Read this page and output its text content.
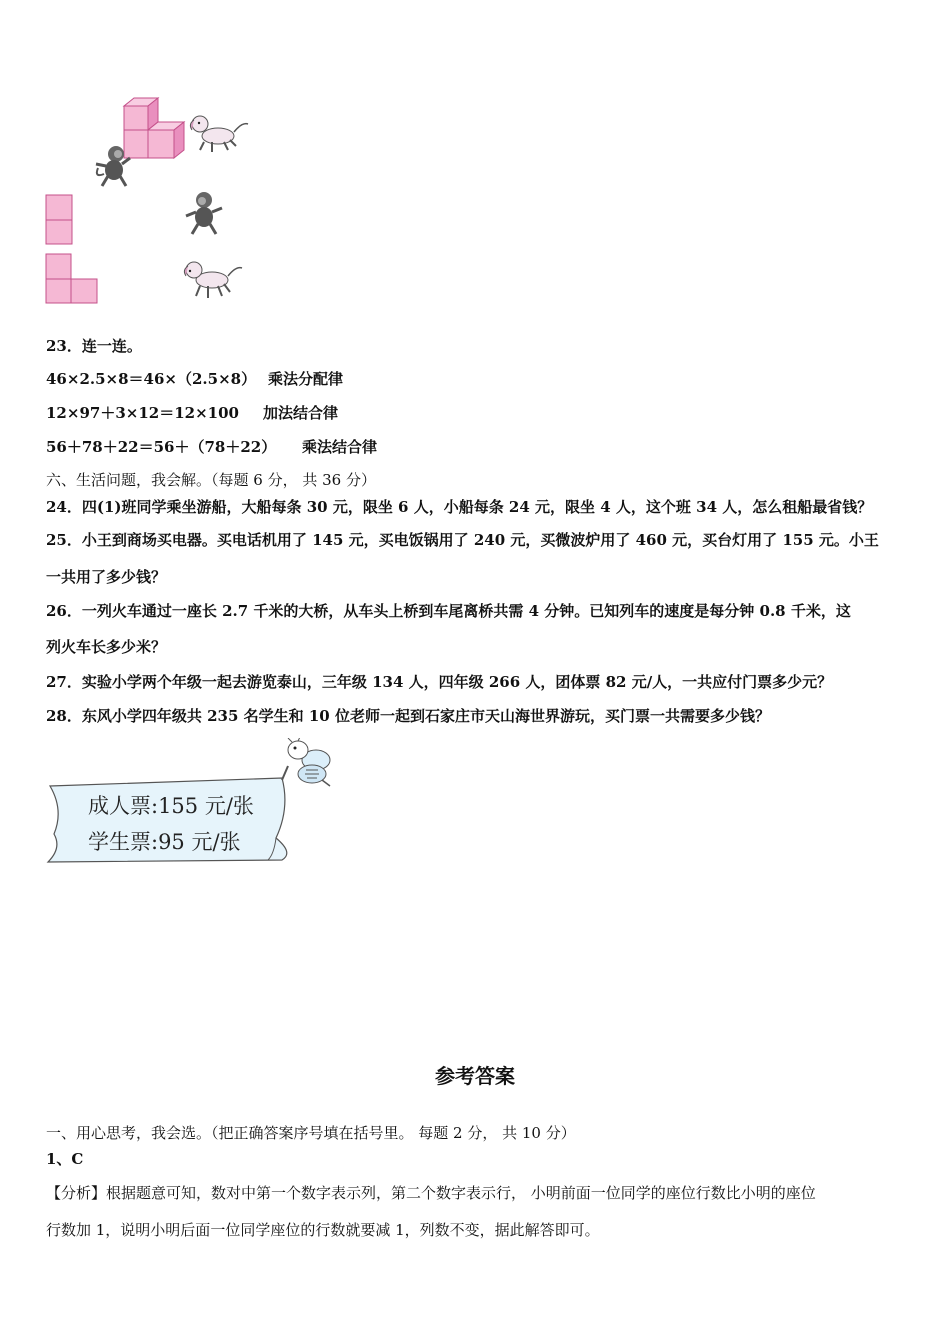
23．连一连。
46×2.5×8＝46×（2.5×8） 乘法分配律
12×97＋3×12＝12×100 加法结合律
56＋78＋22＝56＋（78＋22） 乘法结合律
六、生活问题，我会解。（每题 6 分， 共 36 分）
24．四(1)班同学乘坐游船，大船每条 30 元，限坐 6 人，小船每条 24 元，限坐 4 人，这个班 34 人，怎么租船最省钱？
25．小王到商场买电器。买电话机用了 145 元，买电饭锅用了 240 元，买微波炉用了 460 元，买台灯用了 155 元。小王
一共用了多少钱？
26．一列火车通过一座长 2.7 千米的大桥，从车头上桥到车尾离桥共需 4 分钟。已知列车的速度是每分钟 0.8 千米，这
列火车长多少米？
27．实验小学两个年级一起去游览泰山，三年级 134 人，四年级 266 人，团体票 82 元/人，一共应付门票多少元？
28．东风小学四年级共 235 名学生和 10 位老师一起到石家庄市天山海世界游玩，买门票一共需要多少钱？
成人票:155 元/张
学生票:95 元/张
参考答案
一、用心思考，我会选。（把正确答案序号填在括号里。 每题 2 分， 共 10 分）
1、C
【分析】根据题意可知，数对中第一个数字表示列，第二个数字表示行， 小明前面一位同学的座位行数比小明的座位
行数加 1，说明小明后面一位同学座位的行数就要减 1，列数不变，据此解答即可。
